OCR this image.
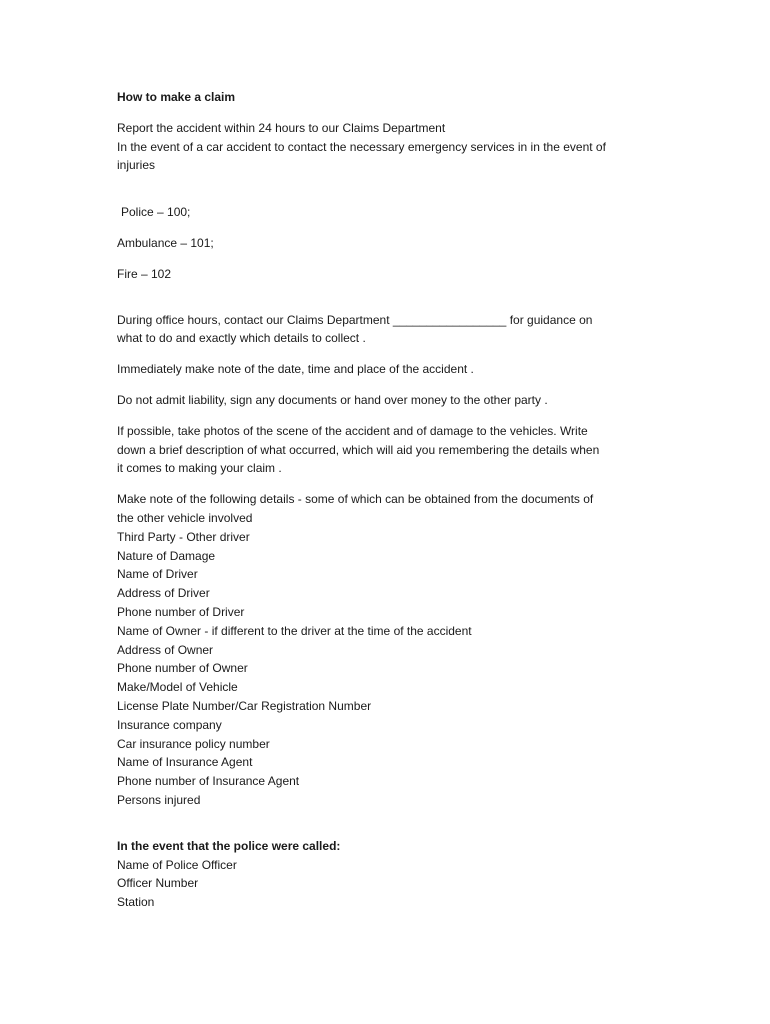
How to make a claim
Report the accident within 24 hours to our Claims Department
In the event of a car accident to contact the necessary emergency services in in the event of
injuries
Police – 100;
Ambulance – 101;
Fire – 102
During office hours, contact our Claims Department _________________ for guidance on
what to do and exactly which details to collect .
Immediately make note of the date, time and place of the accident .
Do not admit liability, sign any documents or hand over money to the other party .
If possible, take photos of the scene of the accident and of damage to the vehicles. Write
down a brief description of what occurred, which will aid you remembering the details when
it comes to making your claim .
Make note of the following details - some of which can be obtained from the documents of
the other vehicle involved
Third Party - Other driver
Nature of Damage
Name of Driver
Address of Driver
Phone number of Driver
Name of Owner - if different to the driver at the time of the accident
Address of Owner
Phone number of Owner
Make/Model of Vehicle
License Plate Number/Car Registration Number
Insurance company
Car insurance policy number
Name of Insurance Agent
Phone number of Insurance Agent
Persons injured
In the event that the police were called:
Name of Police Officer
Officer Number
Station
